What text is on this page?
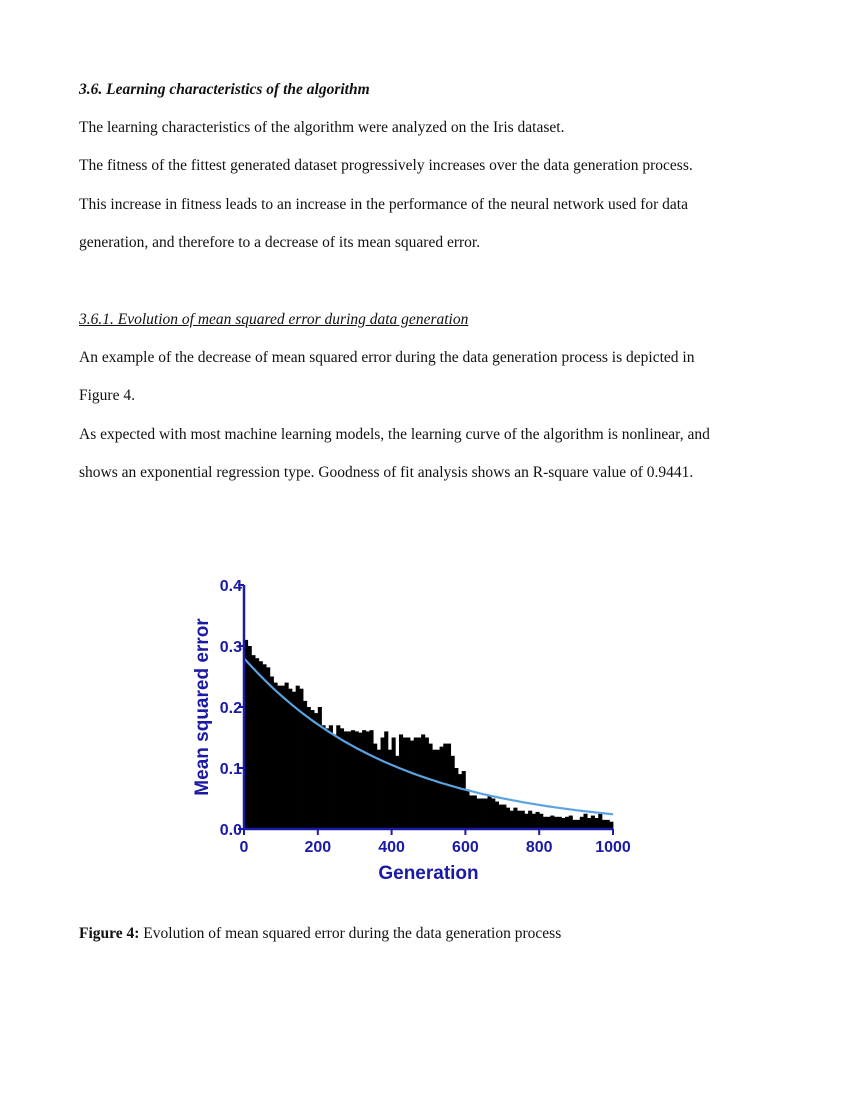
3.6. Learning characteristics of the algorithm
The learning characteristics of the algorithm were analyzed on the Iris dataset.
The fitness of the fittest generated dataset progressively increases over the data generation process.
This increase in fitness leads to an increase in the performance of the neural network used for data
generation, and therefore to a decrease of its mean squared error.
3.6.1. Evolution of mean squared error during data generation
An example of the decrease of mean squared error during the data generation process is depicted in
Figure 4.
As expected with most machine learning models, the learning curve of the algorithm is nonlinear, and
shows an exponential regression type. Goodness of fit analysis shows an R-square value of 0.9441.
0.0
0.1
0.2
0.3
0.4
0	200	400	600	800	1000
Generation
Mean squared error
Figure 4: Evolution of mean squared error during the data generation process
